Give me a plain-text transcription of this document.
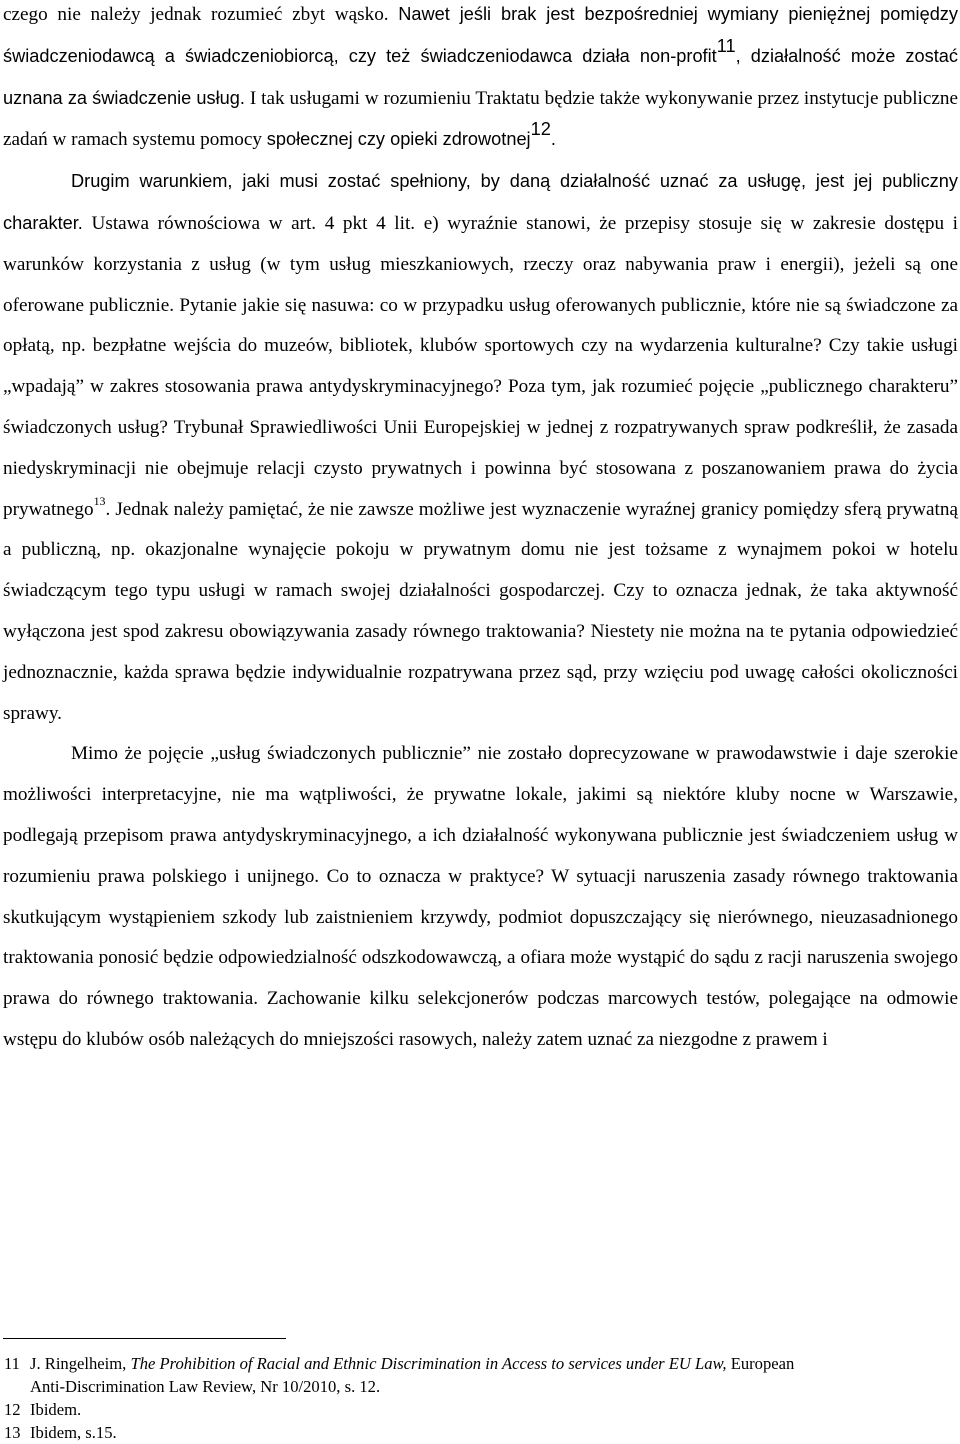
czego nie należy jednak rozumieć zbyt wąsko. Nawet jeśli brak jest bezpośredniej wymiany pieniężnej pomiędzy świadczeniodawcą a świadczeniobiorcą, czy też świadczeniodawca działa non-profit$^{11}$, działalność może zostać uznana za świadczenie usług. I tak usługami w rozumieniu Traktatu będzie także wykonywanie przez instytucje publiczne zadań w ramach systemu pomocy społecznej czy opieki zdrowotnej$^{12}$.

Drugim warunkiem, jaki musi zostać spełniony, by daną działalność uznać za usługę, jest jej publiczny charakter. Ustawa równościowa w art. 4 pkt 4 lit. e) wyraźnie stanowi, że przepisy stosuje się w zakresie dostępu i warunków korzystania z usług (w tym usług mieszkaniowych, rzeczy oraz nabywania praw i energii), jeżeli są one oferowane publicznie. Pytanie jakie się nasuwa: co w przypadku usług oferowanych publicznie, które nie są świadczone za opłatą, np. bezpłatne wejścia do muzeów, bibliotek, klubów sportowych czy na wydarzenia kulturalne? Czy takie usługi „wpadają” w zakres stosowania prawa antydyskryminacyjnego? Poza tym, jak rozumieć pojęcie „publicznego charakteru” świadczonych usług? Trybunał Sprawiedliwości Unii Europejskiej w jednej z rozpatrywanych spraw podkreślił, że zasada niedyskryminacji nie obejmuje relacji czysto prywatnych i powinna być stosowana z poszanowaniem prawa do życia prywatnego$^{13}$. Jednak należy pamiętać, że nie zawsze możliwe jest wyznaczenie wyraźnej granicy pomiędzy sferą prywatną a publiczną, np. okazjonalne wynajęcie pokoju w prywatnym domu nie jest tożsame z wynajmem pokoi w hotelu świadczącym tego typu usługi w ramach swojej działalności gospodarczej. Czy to oznacza jednak, że taka aktywność wyłączona jest spod zakresu obowiązywania zasady równego traktowania? Niestety nie można na te pytania odpowiedzieć jednoznacznie, każda sprawa będzie indywidualnie rozpatrywana przez sąd, przy wzięciu pod uwagę całości okoliczności sprawy.

Mimo że pojęcie „usług świadczonych publicznie” nie zostało doprecyzowane w prawodawstwie i daje szerokie możliwości interpretacyjne, nie ma wątpliwości, że prywatne lokale, jakimi są niektóre kluby nocne w Warszawie, podlegają przepisom prawa antydyskryminacyjnego, a ich działalność wykonywana publicznie jest świadczeniem usług w rozumieniu prawa polskiego i unijnego. Co to oznacza w praktyce? W sytuacji naruszenia zasady równego traktowania skutkującym wystąpieniem szkody lub zaistnieniem krzywdy, podmiot dopuszczający się nierównego, nieuzasadnionego traktowania ponosić będzie odpowiedzialność odszkodowawczą, a ofiara może wystąpić do sądu z racji naruszenia swojego prawa do równego traktowania. Zachowanie kilku selekcjonerów podczas marcowych testów, polegające na odmowie wstępu do klubów osób należących do mniejszości rasowych, należy zatem uznać za niezgodne z prawem i

11 J. Ringelheim, The Prohibition of Racial and Ethnic Discrimination in Access to services under EU Law, European
Anti-Discrimination Law Review, Nr 10/2010, s. 12.

12 Ibidem.

13 Ibidem, s.15.
